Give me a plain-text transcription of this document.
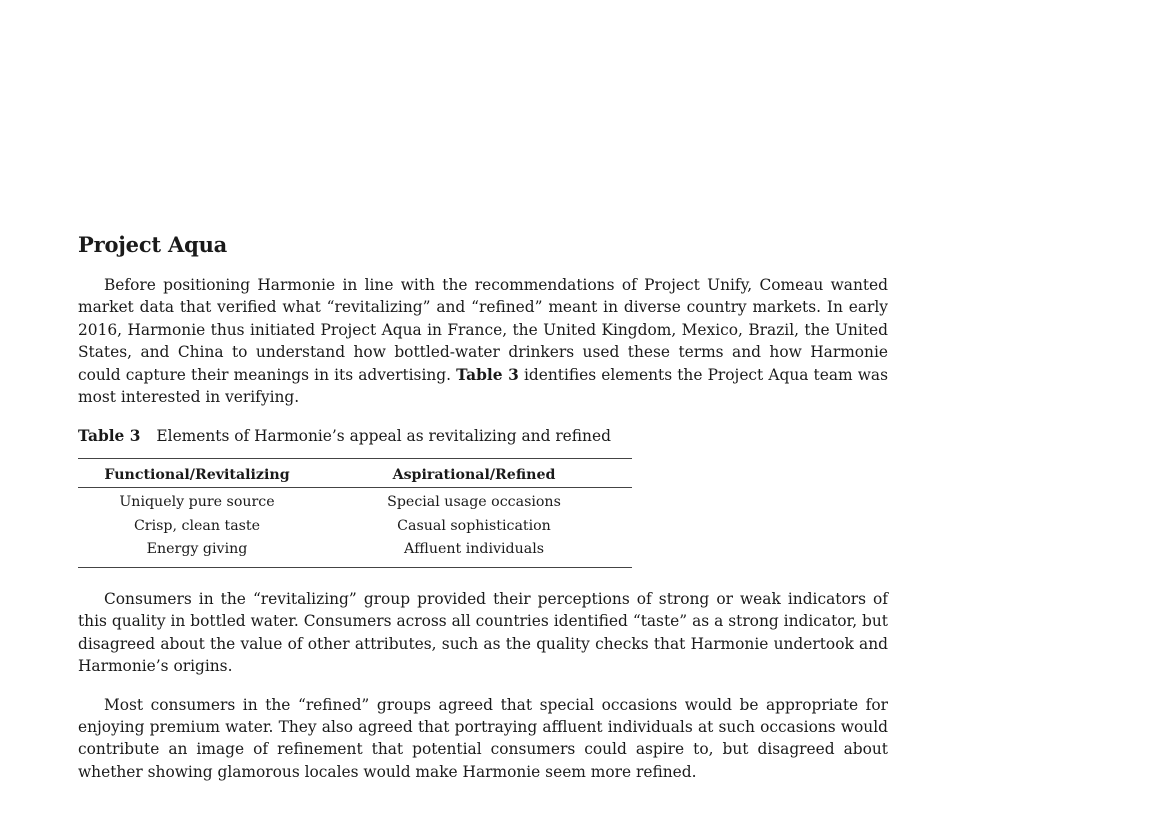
Project Aqua

Before positioning Harmonie in line with the recommendations of Project Unify, Comeau wanted market data that verified what “revitalizing” and “refined” meant in diverse country markets. In early 2016, Harmonie thus initiated Project Aqua in France, the United Kingdom, Mexico, Brazil, the United States, and China to understand how bottled-water drinkers used these terms and how Harmonie could capture their meanings in its advertising. Table 3 identifies elements the Project Aqua team was most interested in verifying.

Table 3 Elements of Harmonie’s appeal as revitalizing and refined
Functional/Revitalizing	Aspirational/Refined
Uniquely pure source	Special usage occasions
Crisp, clean taste	Casual sophistication
Energy giving	Affluent individuals

Consumers in the “revitalizing” group provided their perceptions of strong or weak indicators of this quality in bottled water. Consumers across all countries identified “taste” as a strong indicator, but disagreed about the value of other attributes, such as the quality checks that Harmonie undertook and Harmonie’s origins.

Most consumers in the “refined” groups agreed that special occasions would be appropriate for enjoying premium water. They also agreed that portraying affluent individuals at such occasions would contribute an image of refinement that potential consumers could aspire to, but disagreed about whether showing glamorous locales would make Harmonie seem more refined.
